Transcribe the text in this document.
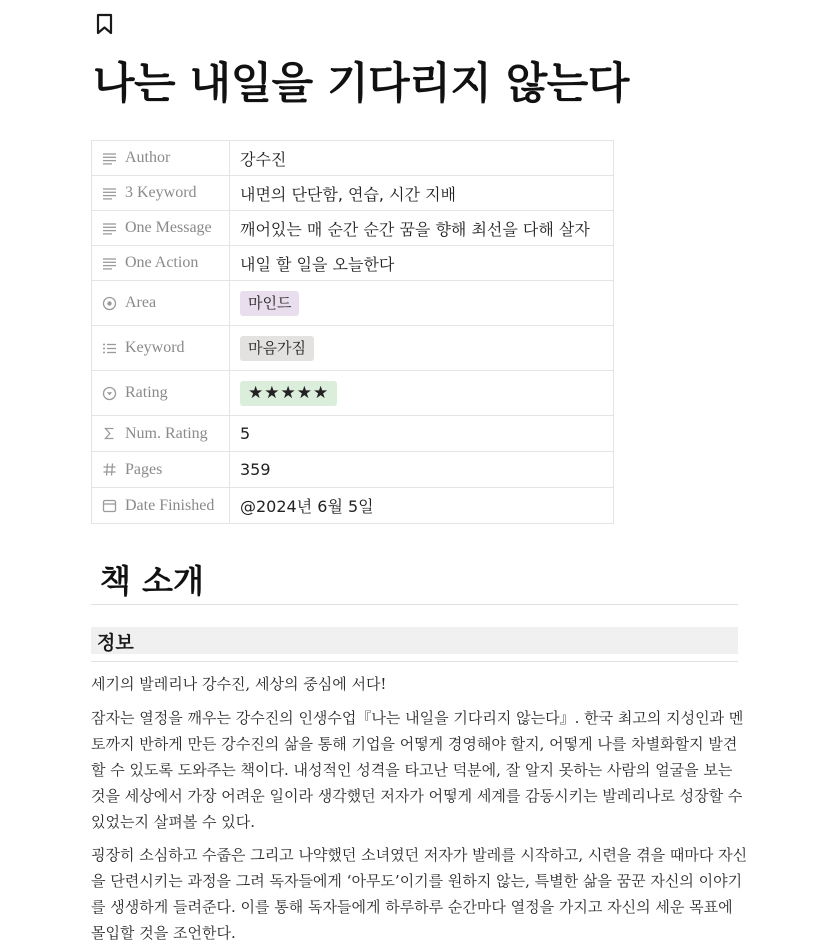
나는 내일을 기다리지 않는다
Author	강수진

3 Keyword	내면의 단단함, 연습, 시간 지배

One Message	깨어있는 매 순간 순간 꿈을 향해 최선을 다해 살자

One Action	내일 할 일을 오늘한다

Area	마인드

Keyword	마음가짐

Rating	★★★★★

Num. Rating	5

Pages	359

Date Finished	@2024년 6월 5일
책 소개
정보

세기의 발레리나 강수진, 세상의 중심에 서다!

잠자는 열정을 깨우는 강수진의 인생수업『나는 내일을 기다리지 않는다』. 한국 최고의 지성인과 멘토까지 반하게 만든 강수진의 삶을 통해 기업을 어떻게 경영해야 할지, 어떻게 나를 차별화할지 발견할 수 있도록 도와주는 책이다. 내성적인 성격을 타고난 덕분에, 잘 알지 못하는 사람의 얼굴을 보는 것을 세상에서 가장 어려운 일이라 생각했던 저자가 어떻게 세계를 감동시키는 발레리나로 성장할 수 있었는지 살펴볼 수 있다.

굉장히 소심하고 수줍은 그리고 나약했던 소녀였던 저자가 발레를 시작하고, 시련을 겪을 때마다 자신을 단련시키는 과정을 그려 독자들에게 ‘아무도’이기를 원하지 않는, 특별한 삶을 꿈꾼 자신의 이야기를 생생하게 들려준다. 이를 통해 독자들에게 하루하루 순간마다 열정을 가지고 자신의 세운 목표에 몰입할 것을 조언한다.
